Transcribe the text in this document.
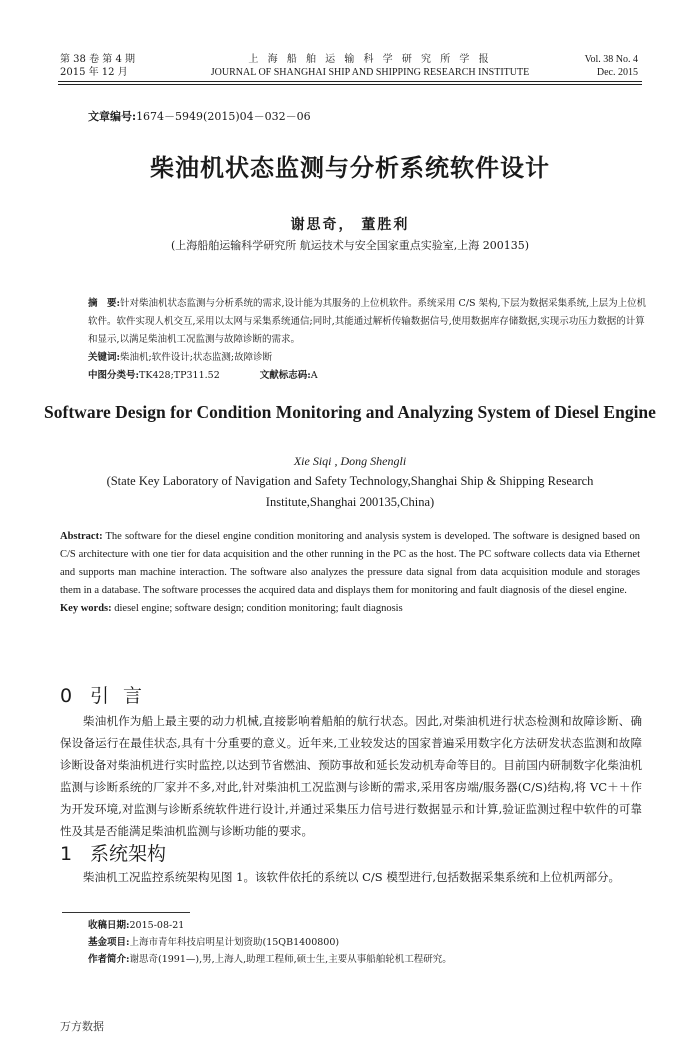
第 38 卷 第 4 期
2015 年 12 月
上 海 船 舶 运 输 科 学 研 究 所 学 报
JOURNAL OF SHANGHAI SHIP AND SHIPPING RESEARCH INSTITUTE
Vol. 38 No. 4
Dec. 2015
文章编号:1674－5949(2015)04－032－06
柴油机状态监测与分析系统软件设计
谢思奇， 董胜利
(上海船舶运输科学研究所 航运技术与安全国家重点实验室,上海 200135)

摘　要:针对柴油机状态监测与分析系统的需求,设计能为其服务的上位机软件。系统采用 C/S 架构,下层为数据采集系统,上层为上位机软件。软件实现人机交互,采用以太网与采集系统通信;同时,其能通过解析传输数据信号,使用数据库存储数据,实现示功压力数据的计算和显示,以满足柴油机工况监测与故障诊断的需求。

关键词:柴油机;软件设计;状态监测;故障诊断

中图分类号:TK428;TP311.52	文献标志码:A

Software Design for Condition Monitoring and Analyzing System of Diesel Engine
Xie Siqi , Dong Shengli
(State Key Laboratory of Navigation and Safety Technology,Shanghai Ship & Shipping Research Institute,Shanghai 200135,China)

Abstract: The software for the diesel engine condition monitoring and analysis system is developed. The software is designed based on C/S architecture with one tier for data acquisition and the other running in the PC as the host. The PC software collects data via Ethernet and supports man machine interaction. The software also analyzes the pressure data signal from data acquisition module and storages them in a database. The software processes the acquired data and displays them for monitoring and fault diagnosis of the diesel engine.

Key words: diesel engine; software design; condition monitoring; fault diagnosis

0 引言

柴油机作为船上最主要的动力机械,直接影响着船舶的航行状态。因此,对柴油机进行状态检测和故障诊断、确保设备运行在最佳状态,具有十分重要的意义。近年来,工业较发达的国家普遍采用数字化方法研发状态监测和故障诊断设备对柴油机进行实时监控,以达到节省燃油、预防事故和延长发动机寿命等目的。目前国内研制数字化柴油机监测与诊断系统的厂家并不多,对此,针对柴油机工况监测与诊断的需求,采用客房端/服务器(C/S)结构,将 VC＋＋作为开发环境,对监测与诊断系统软件进行设计,并通过采集压力信号进行数据显示和计算,验证监测过程中软件的可靠性及其是否能满足柴油机监测与诊断功能的要求。

1 系统架构

柴油机工况监控系统架构见图 1。该软件依托的系统以 C/S 模型进行,包括数据采集系统和上位机两部分。

收稿日期:2015-08-21

基金项目:上海市青年科技启明星计划资助(15QB1400800)

作者简介:谢思奇(1991—),男,上海人,助理工程师,硕士生,主要从事船舶轮机工程研究。

万方数据
